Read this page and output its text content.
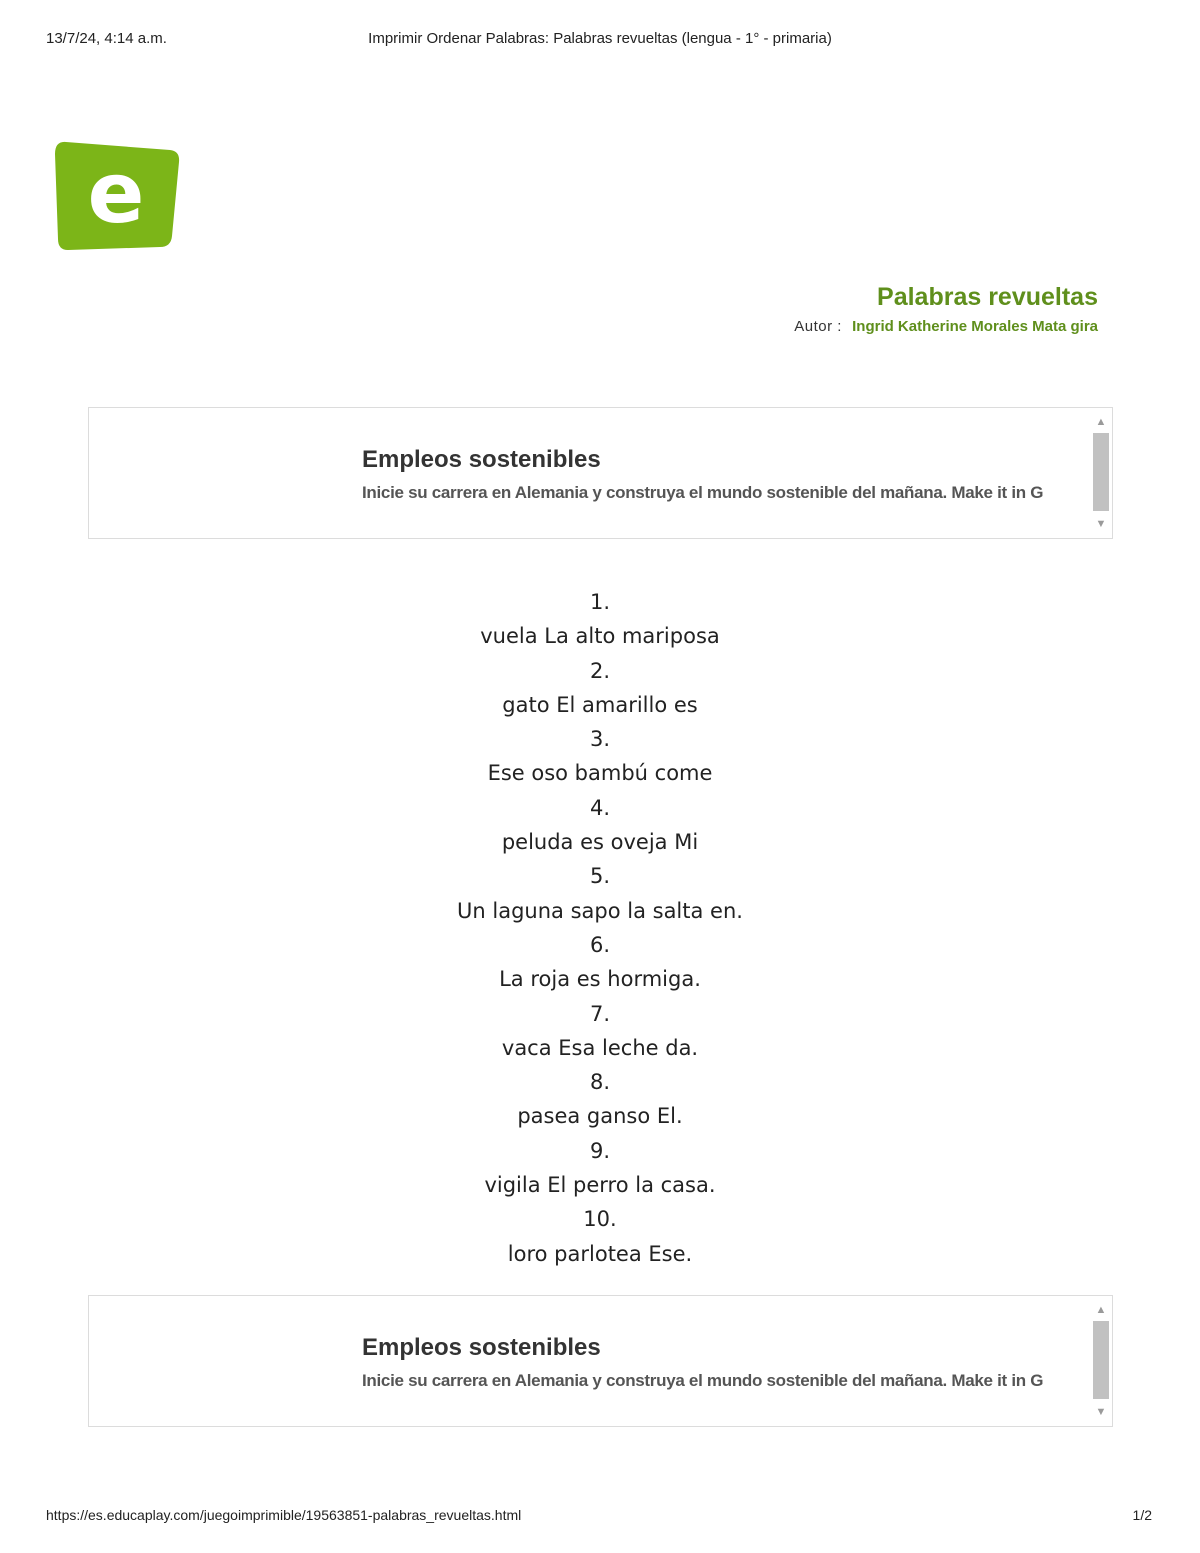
13/7/24, 4:14 a.m.	Imprimir Ordenar Palabras: Palabras revueltas (lengua - 1° - primaria)
e
Palabras revueltas
Autor : Ingrid Katherine Morales Mata gira
Empleos sostenibles
Inicie su carrera en Alemania y construya el mundo sostenible del mañana. Make it in G
▲
▼
1.
vuela La alto mariposa
2.
gato El amarillo es
3.
Ese oso bambú come
4.
peluda es oveja Mi
5.
Un laguna sapo la salta en.
6.
La roja es hormiga.
7.
vaca Esa leche da.
8.
pasea ganso El.
9.
vigila El perro la casa.
10.
loro parlotea Ese.
Empleos sostenibles
Inicie su carrera en Alemania y construya el mundo sostenible del mañana. Make it in G
▲
▼
https://es.educaplay.com/juegoimprimible/19563851-palabras_revueltas.html	1/2
